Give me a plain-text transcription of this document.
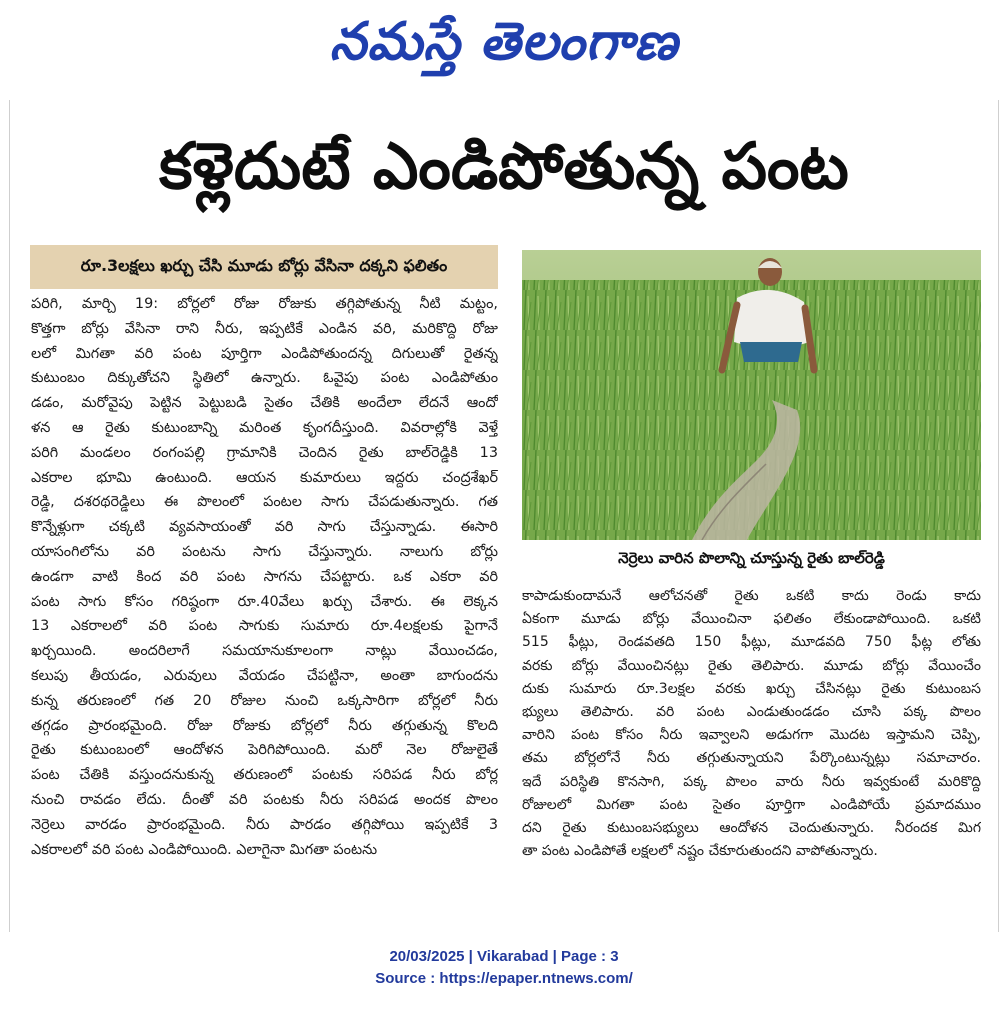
నమస్తే తెలంగాణ
కళ్లెదుటే ఎండిపోతున్న పంట
రూ.3లక్షలు ఖర్చు చేసి మూడు బోర్లు వేసినా దక్కని ఫలితం
పరిగి, మార్చి 19: బోర్లలో రోజు రోజుకు తగ్గిపోతున్న నీటి మట్టం,
కొత్తగా బోర్లు వేసినా రాని నీరు, ఇప్పటికే ఎండిన వరి, మరికొద్ది రోజు
లలో మిగతా వరి పంట పూర్తిగా ఎండిపోతుందన్న దిగులుతో రైతన్న
కుటుంబం దిక్కుతోచని స్థితిలో ఉన్నారు. ఓవైపు పంట ఎండిపోతుం
డడం, మరోవైపు పెట్టిన పెట్టుబడి సైతం చేతికి అందేలా లేదనే ఆందో
ళన ఆ రైతు కుటుంబాన్ని మరింత కృంగదీస్తుంది. వివరాల్లోకి వెళ్తే
పరిగి మండలం రంగంపల్లి గ్రామానికి చెందిన రైతు బాల్‌రెడ్డికి 13
ఎకరాల భూమి ఉంటుంది. ఆయన కుమారులు ఇద్దరు చంద్రశేఖర్
రెడ్డి, దశరథరెడ్డిలు ఈ పొలంలో పంటల సాగు చేపడుతున్నారు. గత
కొన్నేళ్లుగా చక్కటి వ్యవసాయంతో వరి సాగు చేస్తున్నాడు. ఈసారి
యాసంగిలోను వరి పంటను సాగు చేస్తున్నారు. నాలుగు బోర్లు
ఉండగా వాటి కింద వరి పంట సాగను చేపట్టారు. ఒక ఎకరా వరి
పంట సాగు కోసం గరిష్ఠంగా రూ.40వేలు ఖర్చు చేశారు. ఈ లెక్కన
13 ఎకరాలలో వరి పంట సాగుకు సుమారు రూ.4లక్షలకు పైగానే
ఖర్చయింది. అందరిలాగే సమయానుకూలంగా నాట్లు వేయించడం,
కలుపు తీయడం, ఎరువులు వేయడం చేపట్టినా, అంతా బాగుందను
కున్న తరుణంలో గత 20 రోజుల నుంచి ఒక్కసారిగా బోర్లలో నీరు
తగ్గడం ప్రారంభమైంది. రోజు రోజుకు బోర్లలో నీరు తగ్గుతున్న కొలది
రైతు కుటుంబంలో ఆందోళన పెరిగిపోయింది. మరో నెల రోజులైతే
పంట చేతికి వస్తుందనుకున్న తరుణంలో పంటకు సరిపడ నీరు బోర్ల
నుంచి రావడం లేదు. దీంతో వరి పంటకు నీరు సరిపడ అందక పొలం
నెర్రెలు వారడం ప్రారంభమైంది. నీరు పారడం తగ్గిపోయి ఇప్పటికే 3
ఎకరాలలో వరి పంట ఎండిపోయింది. ఎలాగైనా మిగతా పంటను
నెర్రెలు వారిన పొలాన్ని చూస్తున్న రైతు బాల్‌రెడ్డి
కాపాడుకుందామనే ఆలోచనతో రైతు ఒకటి కాదు రెండు కాదు
ఏకంగా మూడు బోర్లు వేయించినా ఫలితం లేకుండాపోయింది. ఒకటి
515 ఫీట్లు, రెండవతది 150 ఫీట్లు, మూడవది 750 ఫీట్ల లోతు
వరకు బోర్లు వేయించినట్లు రైతు తెలిపారు. మూడు బోర్లు వేయించేం
దుకు సుమారు రూ.3లక్షల వరకు ఖర్చు చేసినట్లు రైతు కుటుంబస
భ్యులు తెలిపారు. వరి పంట ఎండుతుండడం చూసి పక్క పొలం
వారిని పంట కోసం నీరు ఇవ్వాలని అడుగగా మొదట ఇస్తామని చెప్పి,
తమ బోర్లలోనే నీరు తగ్గుతున్నాయని పేర్కొంటున్నట్లు సమాచారం.
ఇదే పరిస్థితి కొనసాగి, పక్క పొలం వారు నీరు ఇవ్వకుంటే మరికొద్ది
రోజులలో మిగతా పంట సైతం పూర్తిగా ఎండిపోయే ప్రమాదముం
దని రైతు కుటుంబసభ్యులు ఆందోళన చెందుతున్నారు. నీరందక మిగ
తా పంట ఎండిపోతే లక్షలలో నష్టం చేకూరుతుందని వాపోతున్నారు.
20/03/2025 | Vikarabad | Page : 3
Source : https://epaper.ntnews.com/
